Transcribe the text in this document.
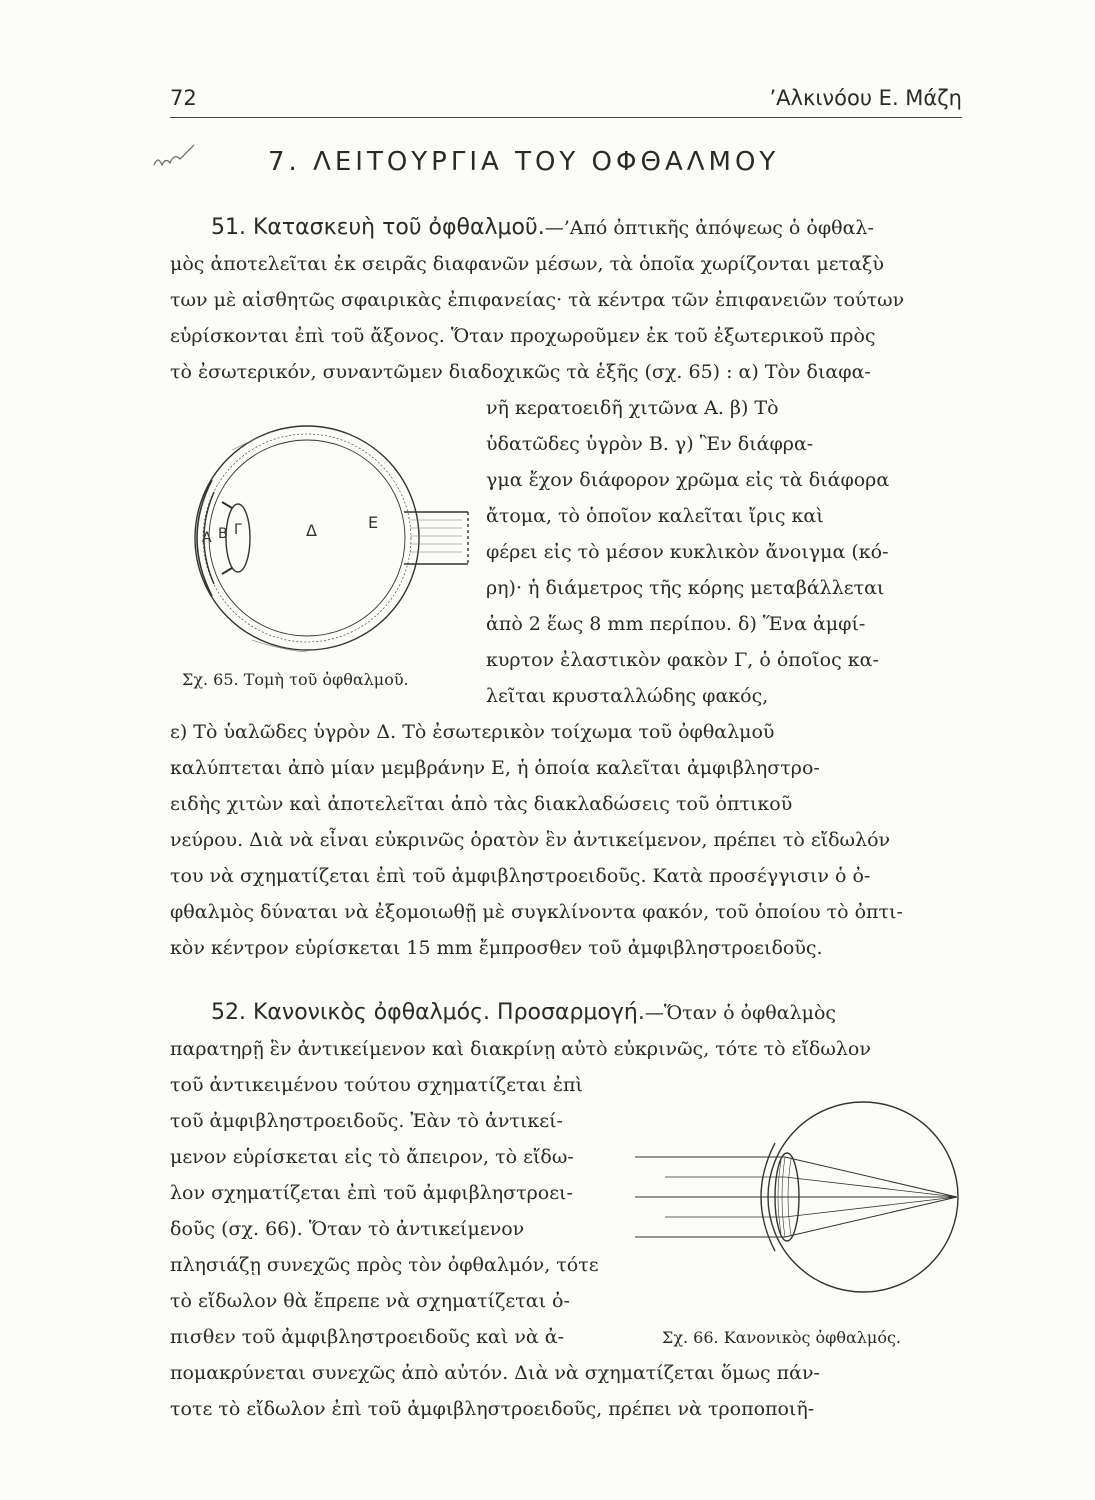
72	’Αλκινόου Ε. Μάζη
7. ΛΕΙΤΟΥΡΓΙΑ ΤΟΥ ΟΦΘΑΛΜΟΥ
51. Κατασκευὴ τοῦ ὀφθαλμοῦ.—’Από ὀπτικῆς ἀπόψεως ὁ ὀφθαλ-
μὸς ἀποτελεῖται ἐκ σειρᾶς διαφανῶν μέσων, τὰ ὁποῖα χωρίζονται μεταξὺ
των μὲ αἰσθητῶς σφαιρικὰς ἐπιφανείας· τὰ κέντρα τῶν ἐπιφανειῶν τούτων
εὑρίσκονται ἐπὶ τοῦ ἄξονος. Ὅταν προχωροῦμεν ἐκ τοῦ ἐξωτερικοῦ πρὸς
τὸ ἐσωτερικόν, συναντῶμεν διαδοχικῶς τὰ ἑξῆς (σχ. 65) : α) Τὸν διαφα-
νῆ κερατοειδῆ χιτῶνα Α. β) Τὸ
ὑδατῶδες ὑγρὸν Β. γ) Ἓν διάφρα-
γμα ἔχον διάφορον χρῶμα εἰς τὰ διάφορα
ἄτομα, τὸ ὁποῖον καλεῖται ἴρις καὶ
φέρει εἰς τὸ μέσον κυκλικὸν ἄνοιγμα (κό-
ρη)· ἡ διάμετρος τῆς κόρης μεταβάλλεται
ἀπὸ 2 ἕως 8 mm περίπου. δ) Ἕνα ἀμφί-
κυρτον ἐλαστικὸν φακὸν Γ, ὁ ὁποῖος κα-
λεῖται κρυσταλλώδης φακός,
ε) Τὸ ὑαλῶδες ὑγρὸν Δ. Τὸ ἐσωτερικὸν τοίχωμα τοῦ ὀφθαλμοῦ
καλύπτεται ἀπὸ μίαν μεμβράνην Ε, ἡ ὁποία καλεῖται ἀμφιβληστρο-
ειδὴς χιτὼν καὶ ἀποτελεῖται ἀπὸ τὰς διακλαδώσεις τοῦ ὀπτικοῦ
νεύρου. Διὰ νὰ εἶναι εὐκρινῶς ὁρατὸν ἓν ἀντικείμενον, πρέπει τὸ εἴδωλόν
του νὰ σχηματίζεται ἐπὶ τοῦ ἀμφιβληστροειδοῦς. Κατὰ προσέγγισιν ὁ ὀ-
φθαλμὸς δύναται νὰ ἐξομοιωθῇ μὲ συγκλίνοντα φακόν, τοῦ ὁποίου τὸ ὀπτι-
κὸν κέντρον εὑρίσκεται 15 mm ἔμπροσθεν τοῦ ἀμφιβληστροειδοῦς.
Α Β Γ	Δ	Ε
Σχ. 65. Τομὴ τοῦ ὀφθαλμοῦ.
52. Κανονικὸς ὀφθαλμός. Προσαρμογή.—Ὅταν ὁ ὀφθαλμὸς
παρατηρῇ ἓν ἀντικείμενον καὶ διακρίνῃ αὐτὸ εὐκρινῶς, τότε τὸ εἴδωλον
τοῦ ἀντικειμένου τούτου σχηματίζεται ἐπὶ
τοῦ ἀμφιβληστροειδοῦς. Ἐὰν τὸ ἀντικεί-
μενον εὑρίσκεται εἰς τὸ ἄπειρον, τὸ εἴδω-
λον σχηματίζεται ἐπὶ τοῦ ἀμφιβληστροει-
δοῦς (σχ. 66). Ὅταν τὸ ἀντικείμενον
πλησιάζῃ συνεχῶς πρὸς τὸν ὀφθαλμόν, τότε
τὸ εἴδωλον θὰ ἔπρεπε νὰ σχηματίζεται ὀ-
πισθεν τοῦ ἀμφιβληστροειδοῦς καὶ νὰ ἀ-
πομακρύνεται συνεχῶς ἀπὸ αὐτόν. Διὰ νὰ σχηματίζεται ὅμως πάν-
τοτε τὸ εἴδωλον ἐπὶ τοῦ ἀμφιβληστροειδοῦς, πρέπει νὰ τροποποιῆ-
Σχ. 66. Κανονικὸς ὀφθαλμός.
